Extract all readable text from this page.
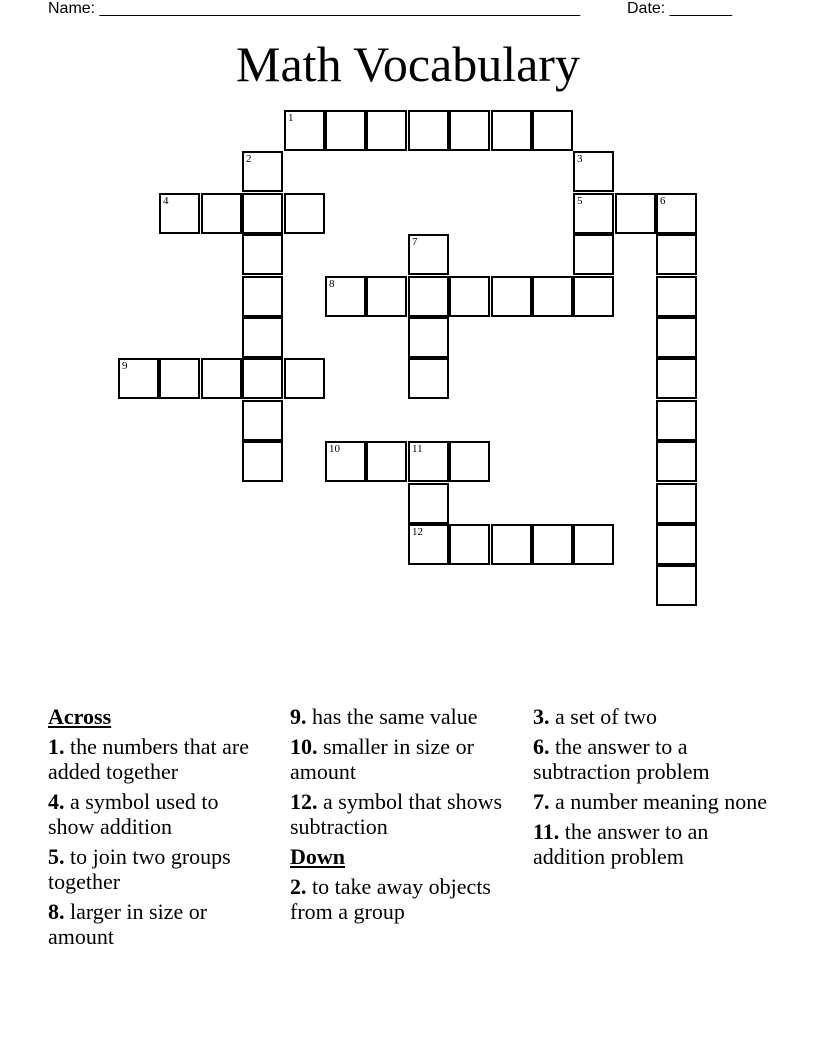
Name: ______________________________________________________	Date: _______
Math Vocabulary
1
2	3
5
4	6
7
8
9
10	11
12
Across
1. the numbers that are added together
4. a symbol used to show addition
5. to join two groups together
8. larger in size or amount
9. has the same value
10. smaller in size or amount
12. a symbol that shows subtraction
Down
2. to take away objects from a group
3. a set of two
6. the answer to a subtraction problem
7. a number meaning none
11. the answer to an addition problem
